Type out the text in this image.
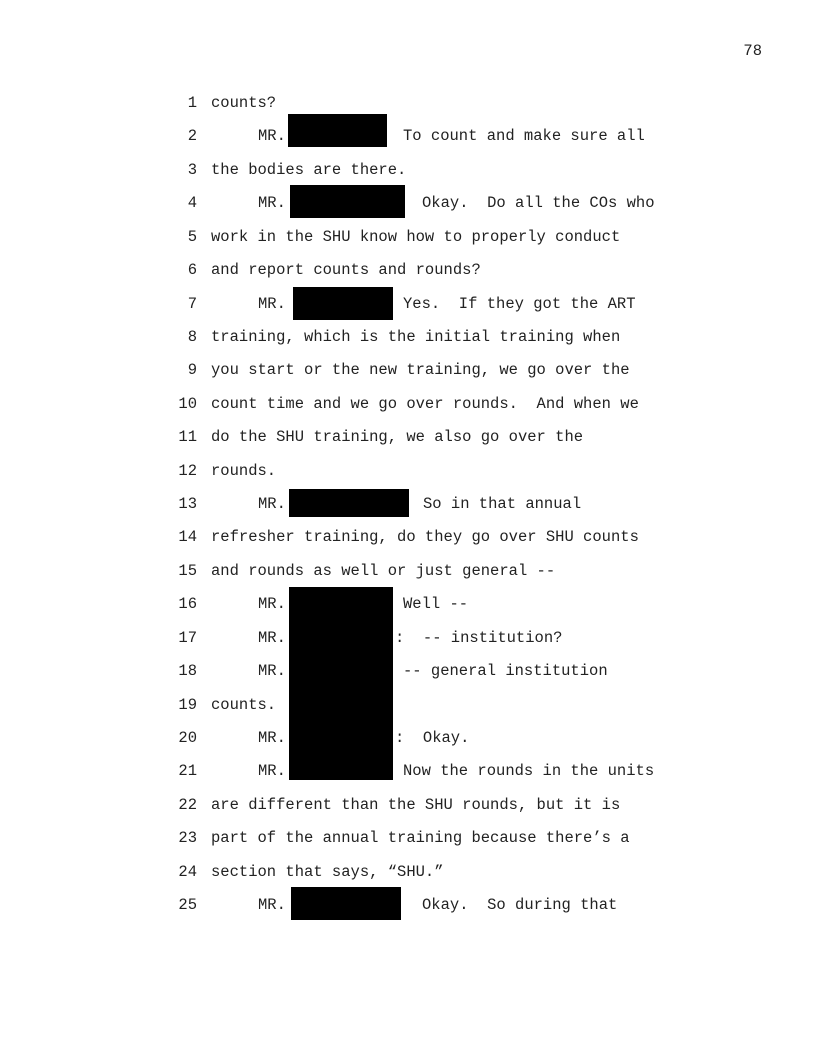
78
1 counts?
2	MR.	To count and make sure all
3 the bodies are there.
4	MR.	Okay.  Do all the COs who
5 work in the SHU know how to properly conduct
6 and report counts and rounds?
7	MR.	Yes.  If they got the ART
8 training, which is the initial training when
9 you start or the new training, we go over the
10 count time and we go over rounds.  And when we
11 do the SHU training, we also go over the
12 rounds.
13	MR.	So in that annual
14 refresher training, do they go over SHU counts
15 and rounds as well or just general --
16	MR.	Well --
17	MR.	:  -- institution?
18	MR.	-- general institution
19 counts.
20	MR.	:  Okay.
21	MR.	Now the rounds in the units
22 are different than the SHU rounds, but it is
23 part of the annual training because there’s a
24 section that says, “SHU.”
25	MR.	Okay.  So during that
